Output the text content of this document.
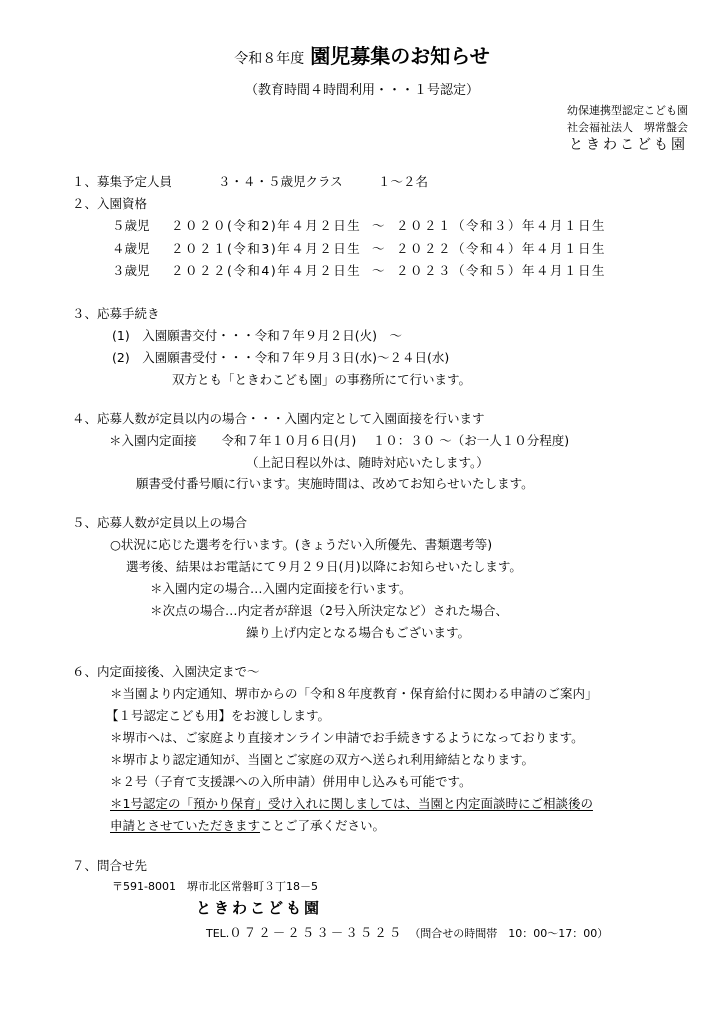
令和８年度 園児募集のお知らせ
（教育時間４時間利用・・・１号認定）
幼保連携型認定こども園
社会福祉法人　堺常盤会
ときわこども園
１、募集予定人員	３・４・５歳児クラス	１～２名
２、入園資格
５歳児 ２０２０(令和2)年４月２日生 ～ ２０２１（令和３）年４月１日生
４歳児 ２０２１(令和3)年４月２日生 ～ ２０２２（令和４）年４月１日生
３歳児 ２０２２(令和4)年４月２日生 ～ ２０２３（令和５）年４月１日生
３、応募手続き
(1)　入園願書交付・・・令和７年９月２日(火)　～
(2)　入園願書受付・・・令和７年９月３日(水)～２４日(水)
双方とも「ときわこども園」の事務所にて行います。
４、応募人数が定員以内の場合・・・入園内定として入園面接を行います
＊入園内定面接　　令和７年１０月６日(月)　 １０：３０ ～（お一人１０分程度)
（上記日程以外は、随時対応いたします。）
願書受付番号順に行います。実施時間は、改めてお知らせいたします。
５、応募人数が定員以上の場合
○状況に応じた選考を行います。(きょうだい入所優先、書類選考等)
選考後、結果はお電話にて９月２９日(月)以降にお知らせいたします。
＊入園内定の場合…入園内定面接を行います。
＊次点の場合…内定者が辞退（2号入所決定など）された場合、
繰り上げ内定となる場合もございます。
６、内定面接後、入園決定まで～
＊当園より内定通知、堺市からの「令和８年度教育・保育給付に関わる申請のご案内」
【１号認定こども用】をお渡しします。
＊堺市へは、ご家庭より直接オンライン申請でお手続きするようになっております。
＊堺市より認定通知が、当園とご家庭の双方へ送られ利用締結となります。
＊２号（子育て支援課への入所申請）併用申し込みも可能です。
＊1号認定の「預かり保育」受け入れに関しましては、当園と内定面談時にご相談後の
申請とさせていただきますことご了承ください。
７、問合せ先
〒591-8001　堺市北区常磐町３丁18－5
ときわこども園
TEL.０７２－２５３－３５２５ （問合せの時間帯　10：00～17：00）
